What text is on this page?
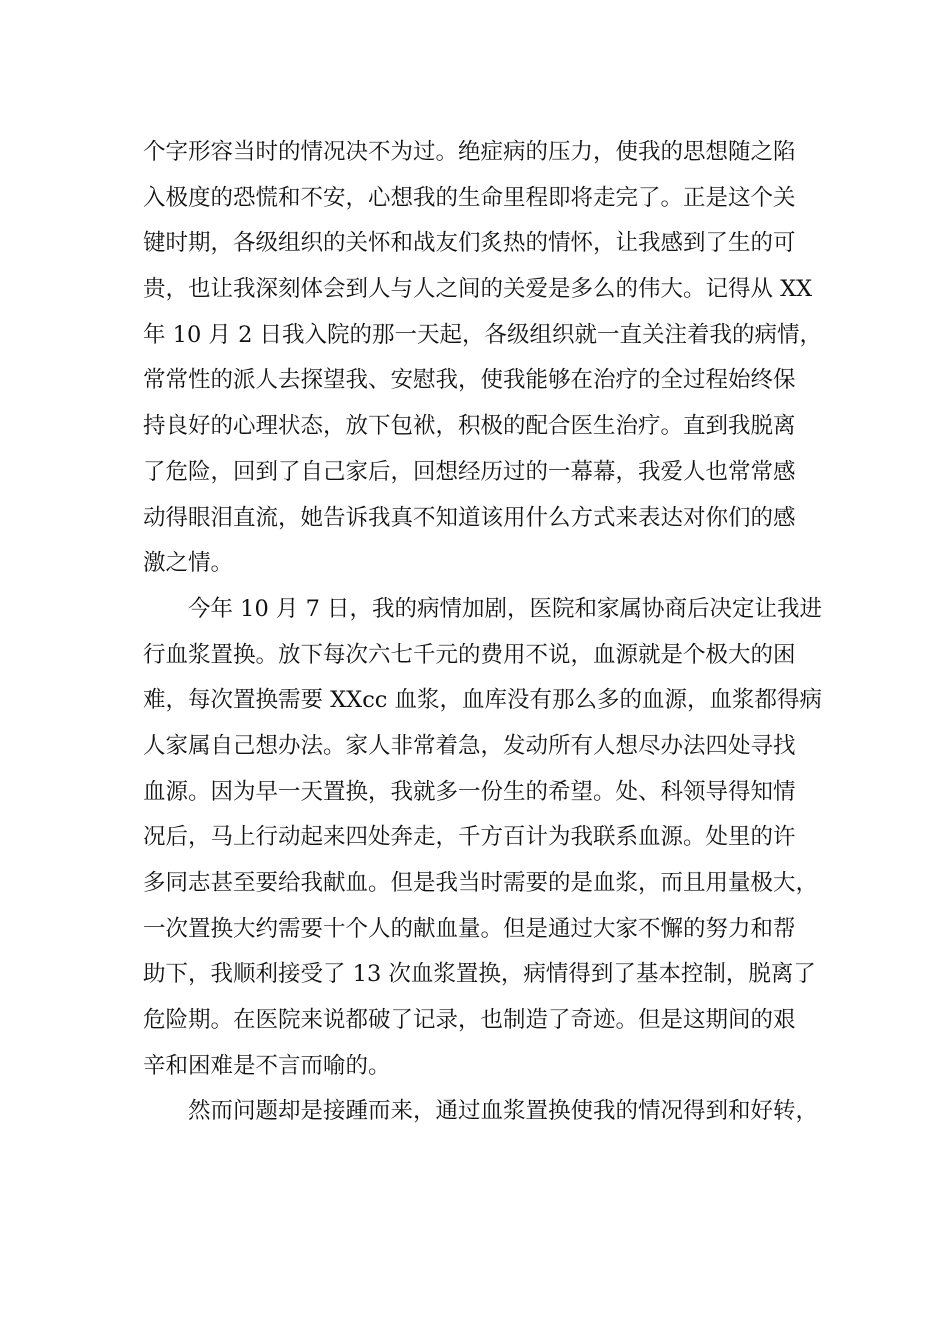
个字形容当时的情况决不为过。绝症病的压力，使我的思想随之陷
入极度的恐慌和不安，心想我的生命里程即将走完了。正是这个关
键时期，各级组织的关怀和战友们炙热的情怀，让我感到了生的可
贵，也让我深刻体会到人与人之间的关爱是多么的伟大。记得从 XX
年 10 月 2 日我入院的那一天起，各级组织就一直关注着我的病情，
常常性的派人去探望我、安慰我，使我能够在治疗的全过程始终保
持良好的心理状态，放下包袱，积极的配合医生治疗。直到我脱离
了危险，回到了自己家后，回想经历过的一幕幕，我爱人也常常感
动得眼泪直流，她告诉我真不知道该用什么方式来表达对你们的感
激之情。
今年 10 月 7 日，我的病情加剧，医院和家属协商后决定让我进
行血浆置换。放下每次六七千元的费用不说，血源就是个极大的困
难，每次置换需要 XXcc 血浆，血库没有那么多的血源，血浆都得病
人家属自己想办法。家人非常着急，发动所有人想尽办法四处寻找
血源。因为早一天置换，我就多一份生的希望。处、科领导得知情
况后，马上行动起来四处奔走，千方百计为我联系血源。处里的许
多同志甚至要给我献血。但是我当时需要的是血浆，而且用量极大，
一次置换大约需要十个人的献血量。但是通过大家不懈的努力和帮
助下，我顺利接受了 13 次血浆置换，病情得到了基本控制，脱离了
危险期。在医院来说都破了记录，也制造了奇迹。但是这期间的艰
辛和困难是不言而喻的。
然而问题却是接踵而来，通过血浆置换使我的情况得到和好转，
